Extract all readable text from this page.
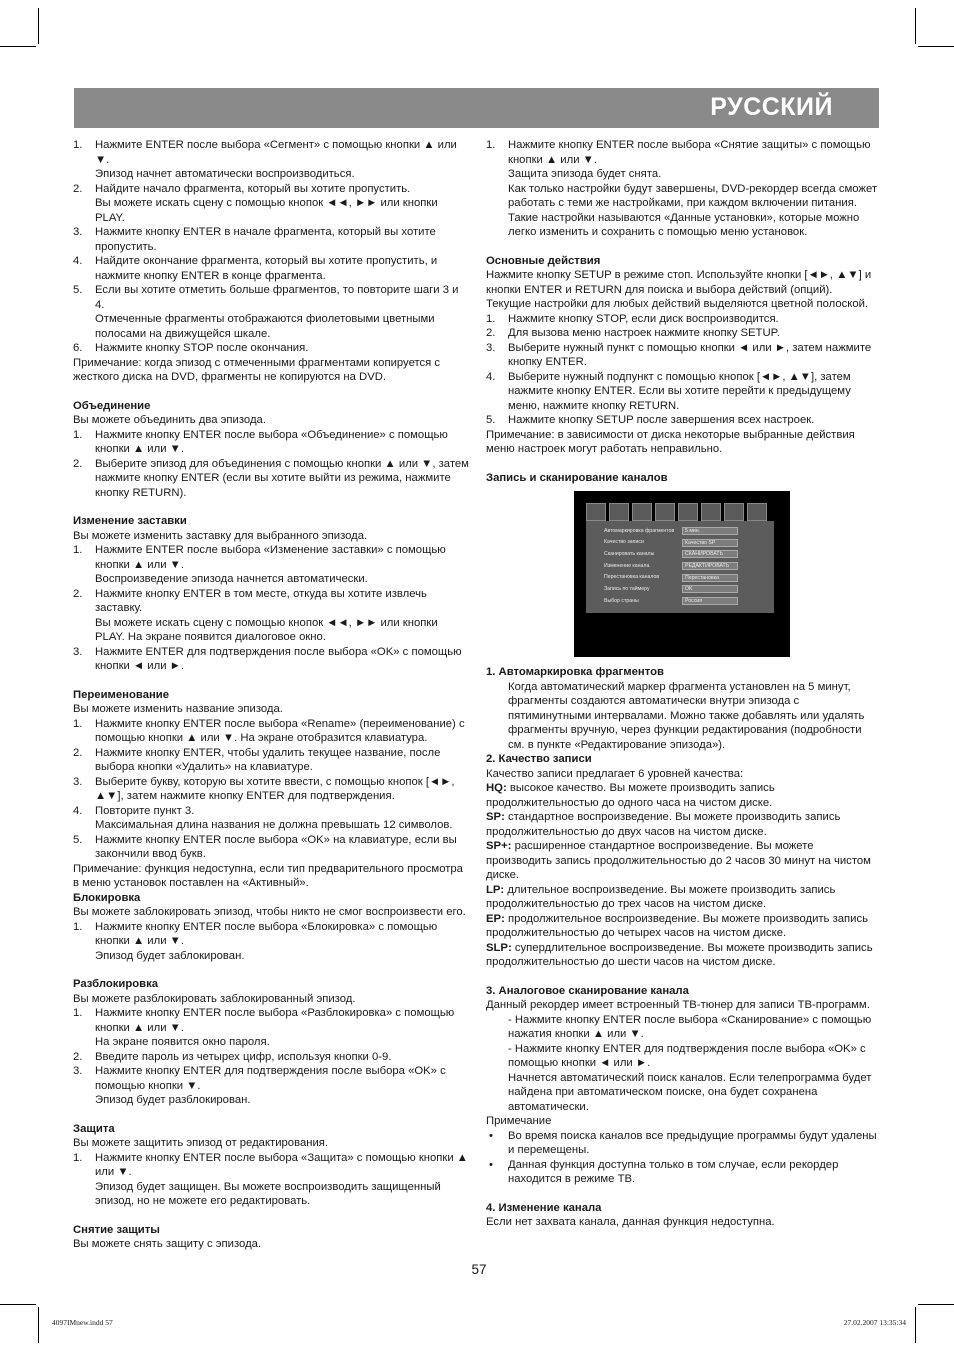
РУССКИЙ
1. Нажмите ENTER после выбора «Сегмент» с помощью кнопки ▲ или ▼.
Эпизод начнет автоматически воспроизводиться.
2. Найдите начало фрагмента, который вы хотите пропустить.
Вы можете искать сцену с помощью кнопок ◄◄, ►► или кнопки PLAY.
3. Нажмите кнопку ENTER в начале фрагмента, который вы хотите пропустить.
4. Найдите окончание фрагмента, который вы хотите пропустить, и нажмите кнопку ENTER в конце фрагмента.
5. Если вы хотите отметить больше фрагментов, то повторите шаги 3 и 4.
Отмеченные фрагменты отображаются фиолетовыми цветными полосами на движущейся шкале.
6. Нажмите кнопку STOP после окончания.
Примечание: когда эпизод с отмеченными фрагментами копируется с жесткого диска на DVD, фрагменты не копируются на DVD.
Объединение
Вы можете объединить два эпизода.
1. Нажмите кнопку ENTER после выбора «Объединение» с помощью кнопки ▲ или ▼.
2. Выберите эпизод для объединения с помощью кнопки ▲ или ▼, затем нажмите кнопку ENTER (если вы хотите выйти из режима, нажмите кнопку RETURN).
Изменение заставки
Вы можете изменить заставку для выбранного эпизода.
1. Нажмите ENTER после выбора «Изменение заставки» с помощью кнопки ▲ или ▼.
Воспроизведение эпизода начнется автоматически.
2. Нажмите кнопку ENTER в том месте, откуда вы хотите извлечь заставку.
Вы можете искать сцену с помощью кнопок ◄◄, ►► или кнопки PLAY. На экране появится диалоговое окно.
3. Нажмите ENTER для подтверждения после выбора «OK» с помощью кнопки ◄ или ►.
Переименование
Вы можете изменить название эпизода.
1. Нажмите кнопку ENTER после выбора «Rename» (переименование) с помощью кнопки ▲ или ▼. На экране отобразится клавиатура.
2. Нажмите кнопку ENTER, чтобы удалить текущее название, после выбора кнопки «Удалить» на клавиатуре.
3. Выберите букву, которую вы хотите ввести, с помощью кнопок [◄►, ▲▼], затем нажмите кнопку ENTER для подтверждения.
4. Повторите пункт 3.
Максимальная длина названия не должна превышать 12 символов.
5. Нажмите кнопку ENTER после выбора «OK» на клавиатуре, если вы закончили ввод букв.
Примечание: функция недоступна, если тип предварительного просмотра в меню установок поставлен на «Активный».
Блокировка
Вы можете заблокировать эпизод, чтобы никто не смог воспроизвести его.
1. Нажмите кнопку ENTER после выбора «Блокировка» с помощью кнопки ▲ или ▼.
Эпизод будет заблокирован.
Разблокировка
Вы можете разблокировать заблокированный эпизод.
1. Нажмите кнопку ENTER после выбора «Разблокировка» с помощью кнопки ▲ или ▼.
На экране появится окно пароля.
2. Введите пароль из четырех цифр, используя кнопки 0-9.
3. Нажмите кнопку ENTER для подтверждения после выбора «OK» с помощью кнопки ▼.
Эпизод будет разблокирован.
Защита
Вы можете защитить эпизод от редактирования.
1. Нажмите кнопку ENTER после выбора «Защита» с помощью кнопки ▲ или ▼.
Эпизод будет защищен. Вы можете воспроизводить защищенный эпизод, но не можете его редактировать.
Снятие защиты
Вы можете снять защиту с эпизода.
1. Нажмите кнопку ENTER после выбора «Снятие защиты» с помощью кнопки ▲ или ▼.
Защита эпизода будет снята.
Как только настройки будут завершены, DVD-рекордер всегда сможет работать с теми же настройками, при каждом включении питания. Такие настройки называются «Данные установки», которые можно легко изменить и сохранить с помощью меню установок.
Основные действия
Нажмите кнопку SETUP в режиме стоп. Используйте кнопки [◄►, ▲▼] и кнопки ENTER и RETURN для поиска и выбора действий (опций). Текущие настройки для любых действий выделяются цветной полоской.
1. Нажмите кнопку STOP, если диск воспроизводится.
2. Для вызова меню настроек нажмите кнопку SETUP.
3. Выберите нужный пункт с помощью кнопки ◄ или ►, затем нажмите кнопку ENTER.
4. Выберите нужный подпункт с помощью кнопок [◄►, ▲▼], затем нажмите кнопку ENTER. Если вы хотите перейти к предыдущему меню, нажмите кнопку RETURN.
5. Нажмите кнопку SETUP после завершения всех настроек.
Примечание: в зависимости от диска некоторые выбранные действия меню настроек могут работать неправильно.
Запись и сканирование каналов
Автомаркировка фрагментов	5 мин.
Качество записи	Качество SP
Сканировать каналы	СКАНИРОВАТЬ
Изменение канала	РЕДАКТИРОВАТЬ
Перестановка каналов	Перестановка
Запись по таймеру	OK
Выбор страны	Россия
1. Автомаркировка фрагментов
Когда автоматический маркер фрагмента установлен на 5 минут, фрагменты создаются автоматически внутри эпизода с пятиминутными интервалами. Можно также добавлять или удалять фрагменты вручную, через функции редактирования (подробности см. в пункте «Редактирование эпизода»).
2. Качество записи
Качество записи предлагает 6 уровней качества:
HQ: высокое качество. Вы можете производить запись продолжительностью до одного часа на чистом диске.
SP: стандартное воспроизведение. Вы можете производить запись продолжительностью до двух часов на чистом диске.
SP+: расширенное стандартное воспроизведение. Вы можете производить запись продолжительностью до 2 часов 30 минут на чистом диске.
LP: длительное воспроизведение. Вы можете производить запись продолжительностью до трех часов на чистом диске.
EP: продолжительное воспроизведение. Вы можете производить запись продолжительностью до четырех часов на чистом диске.
SLP: супердлительное воспроизведение. Вы можете производить запись продолжительностью до шести часов на чистом диске.
3. Аналоговое сканирование канала
Данный рекордер имеет встроенный ТВ-тюнер для записи ТВ-программ.
- Нажмите кнопку ENTER после выбора «Сканирование» с помощью нажатия кнопки ▲ или ▼.
- Нажмите кнопку ENTER для подтверждения после выбора «OK» с помощью кнопки ◄ или ►.
Начнется автоматический поиск каналов. Если телепрограмма будет найдена при автоматическом поиске, она будет сохранена автоматически.
Примечание
• Во время поиска каналов все предыдущие программы будут удалены и перемещены.
• Данная функция доступна только в том случае, если рекордер находится в режиме ТВ.
4. Изменение канала
Если нет захвата канала, данная функция недоступна.
57
4097IMnew.indd 57	27.02.2007 13:35:34
